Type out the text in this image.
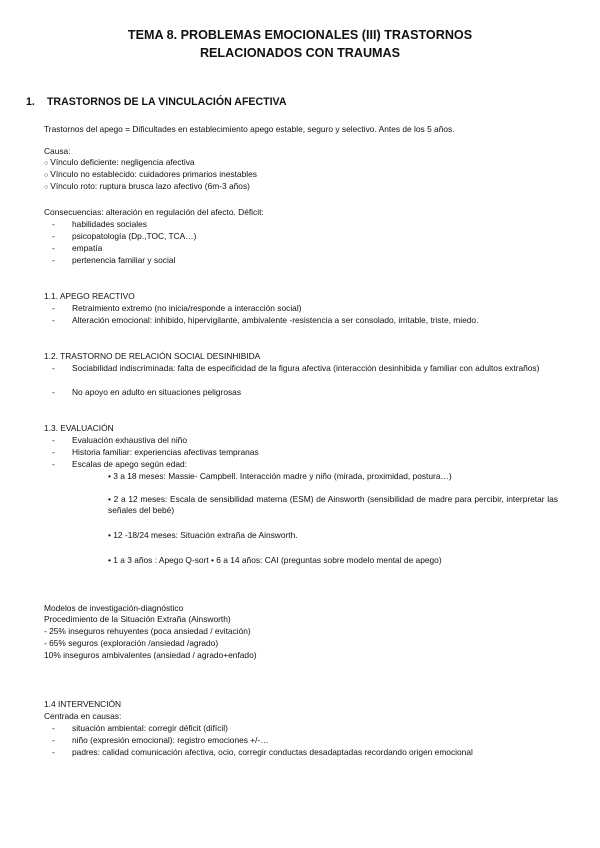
TEMA 8. PROBLEMAS EMOCIONALES (III) TRASTORNOS
RELACIONADOS CON TRAUMAS
1. TRASTORNOS DE LA VINCULACIÓN AFECTIVA
Trastornos del apego = Dificultades en establecimiento apego estable, seguro y selectivo. Antes de los 5 años.
Causa:
○ Vínculo deficiente: negligencia afectiva
○ Vínculo no establecido: cuidadores primarios inestables
○ Vínculo roto: ruptura brusca lazo afectivo (6m-3 años)
Consecuencias: alteración en regulación del afecto. Déficit:
- habilidades sociales
- psicopatología (Dp.,TOC, TCA…)
- empatía
- pertenencia familiar y social
1.1. APEGO REACTIVO
- Retraimiento extremo (no inicia/responde a interacción social)
- Alteración emocional: inhibido, hipervigilante, ambivalente -resistencia a ser consolado, irritable, triste, miedo.
1.2. TRASTORNO DE RELACIÓN SOCIAL DESINHIBIDA
- Sociabilidad indiscriminada: falta de especificidad de la figura afectiva (interacción desinhibida y familiar con adultos extraños)
- No apoyo en adulto en situaciones peligrosas
1.3. EVALUACIÓN
- Evaluación exhaustiva del niño
- Historia familiar: experiencias afectivas tempranas
- Escalas de apego según edad:
• 3 a 18 meses: Massie- Campbell. Interacción madre y niño (mirada, proximidad, postura…)
• 2 a 12 meses: Escala de sensibilidad materna (ESM) de Ainsworth (sensibilidad de madre para percibir, interpretar las señales del bebé)
• 12 -18/24 meses: Situación extraña de Ainsworth.
• 1 a 3 años : Apego Q-sort • 6 a 14 años: CAI (preguntas sobre modelo mental de apego)
Modelos de investigación-diagnóstico
Procedimiento de la Situación Extraña (Ainsworth)
- 25% inseguros rehuyentes (poca ansiedad / evitación)
- 65% seguros (exploración /ansiedad /agrado)
10% inseguros ambivalentes (ansiedad / agrado+enfado)
1.4 INTERVENCIÓN
Centrada en causas:
- situación ambiental: corregir déficit (difícil)
- niño (expresión emocional): registro emociones +/-…
- padres: calidad comunicación afectiva, ocio, corregir conductas desadaptadas recordando origen emocional
